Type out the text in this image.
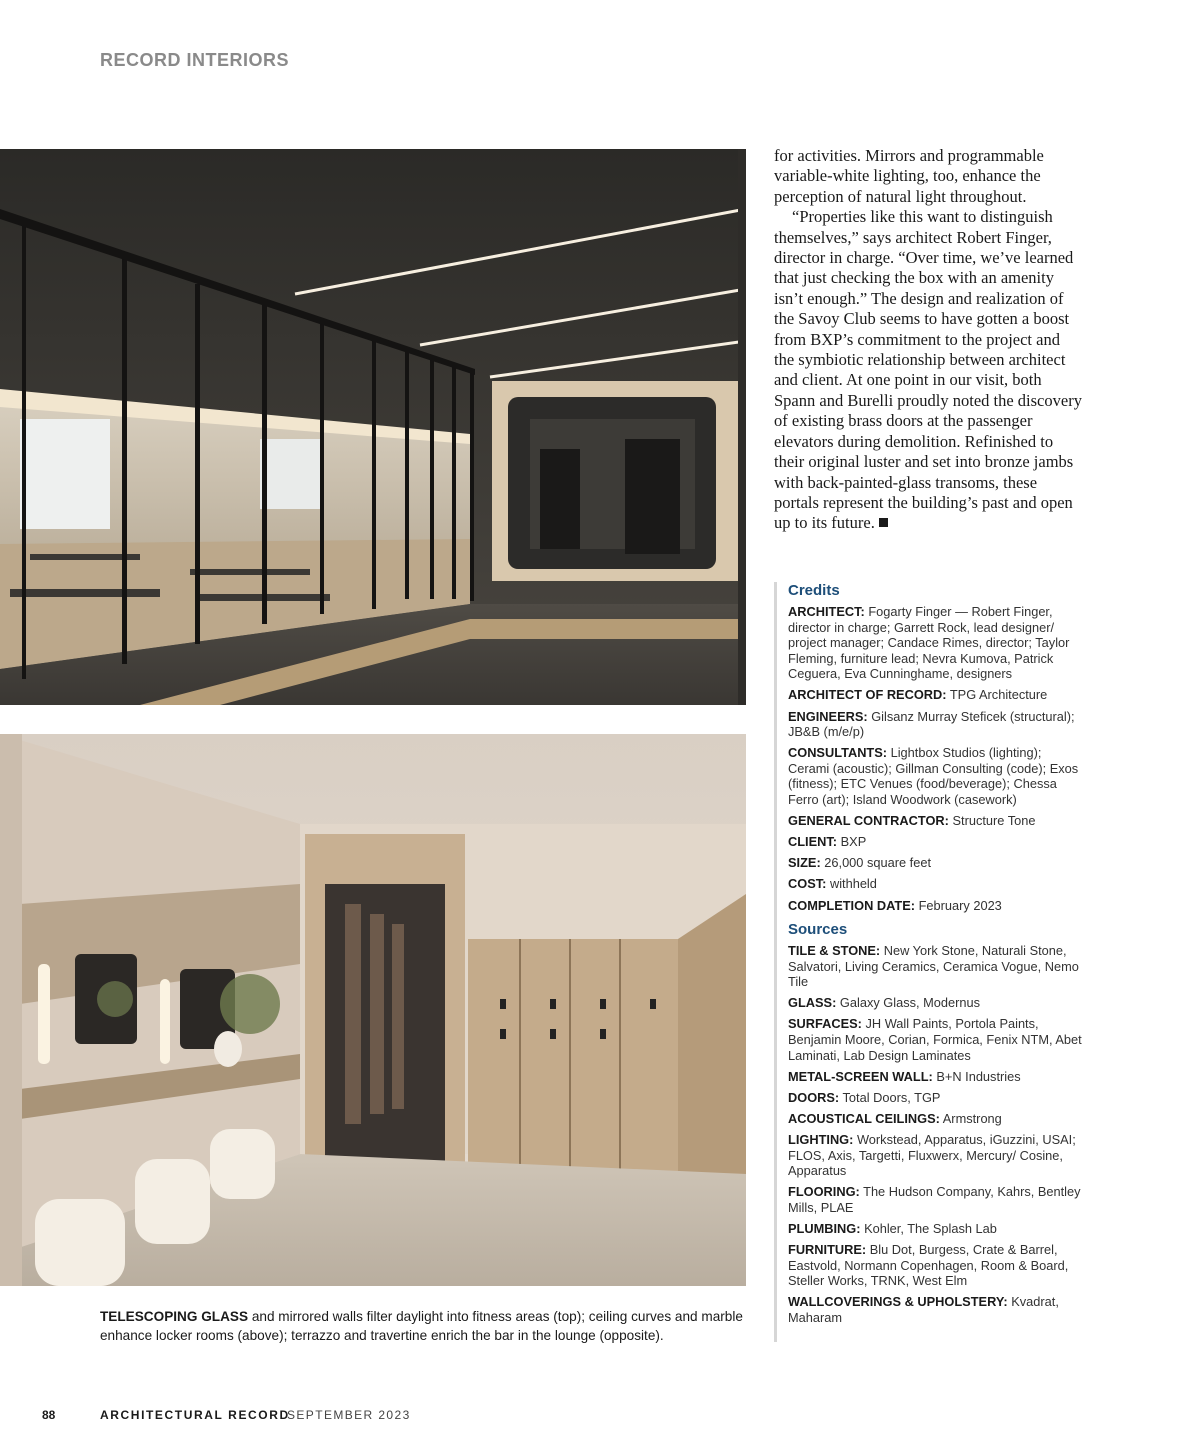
RECORD INTERIORS
TELESCOPING GLASS and mirrored walls filter daylight into fitness areas (top); ceiling curves and marble enhance locker rooms (above); terrazzo and travertine enrich the bar in the lounge (opposite).

for activities. Mirrors and programmable variable-white lighting, too, enhance the perception of natural light throughout.

“Properties like this want to distinguish themselves,” says architect Robert Finger, director in charge. “Over time, we’ve learned that just checking the box with an amenity isn’t enough.” The design and realization of the Savoy Club seems to have gotten a boost from BXP’s commitment to the project and the symbiotic relationship between architect and client. At one point in our visit, both Spann and Burelli proudly noted the discovery of existing brass doors at the passenger elevators during demolition. Refinished to their original luster and set into bronze jambs with back-painted-glass transoms, these portals represent the building’s past and open up to its future.

Credits
ARCHITECT: Fogarty Finger — Robert Finger, director in charge; Garrett Rock, lead designer/ project manager; Candace Rimes, director; Taylor Fleming, furniture lead; Nevra Kumova, Patrick Ceguera, Eva Cunninghame, designers
ARCHITECT OF RECORD: TPG Architecture
ENGINEERS: Gilsanz Murray Steficek (structural); JB&B (m/e/p)
CONSULTANTS: Lightbox Studios (lighting); Cerami (acoustic); Gillman Consulting (code); Exos (fitness); ETC Venues (food/beverage); Chessa Ferro (art); Island Woodwork (casework)
GENERAL CONTRACTOR: Structure Tone
CLIENT: BXP
SIZE: 26,000 square feet
COST: withheld
COMPLETION DATE: February 2023
Sources
TILE & STONE: New York Stone, Naturali Stone, Salvatori, Living Ceramics, Ceramica Vogue, Nemo Tile
GLASS: Galaxy Glass, Modernus
SURFACES: JH Wall Paints, Portola Paints, Benjamin Moore, Corian, Formica, Fenix NTM, Abet Laminati, Lab Design Laminates
METAL-SCREEN WALL: B+N Industries
DOORS: Total Doors, TGP
ACOUSTICAL CEILINGS: Armstrong
LIGHTING: Workstead, Apparatus, iGuzzini, USAI; FLOS, Axis, Targetti, Fluxwerx, Mercury/ Cosine, Apparatus
FLOORING: The Hudson Company, Kahrs, Bentley Mills, PLAE
PLUMBING: Kohler, The Splash Lab
FURNITURE: Blu Dot, Burgess, Crate & Barrel, Eastvold, Normann Copenhagen, Room & Board, Steller Works, TRNK, West Elm
WALLCOVERINGS & UPHOLSTERY: Kvadrat, Maharam
88	ARCHITECTURAL RECORD
SEPTEMBER 2023
